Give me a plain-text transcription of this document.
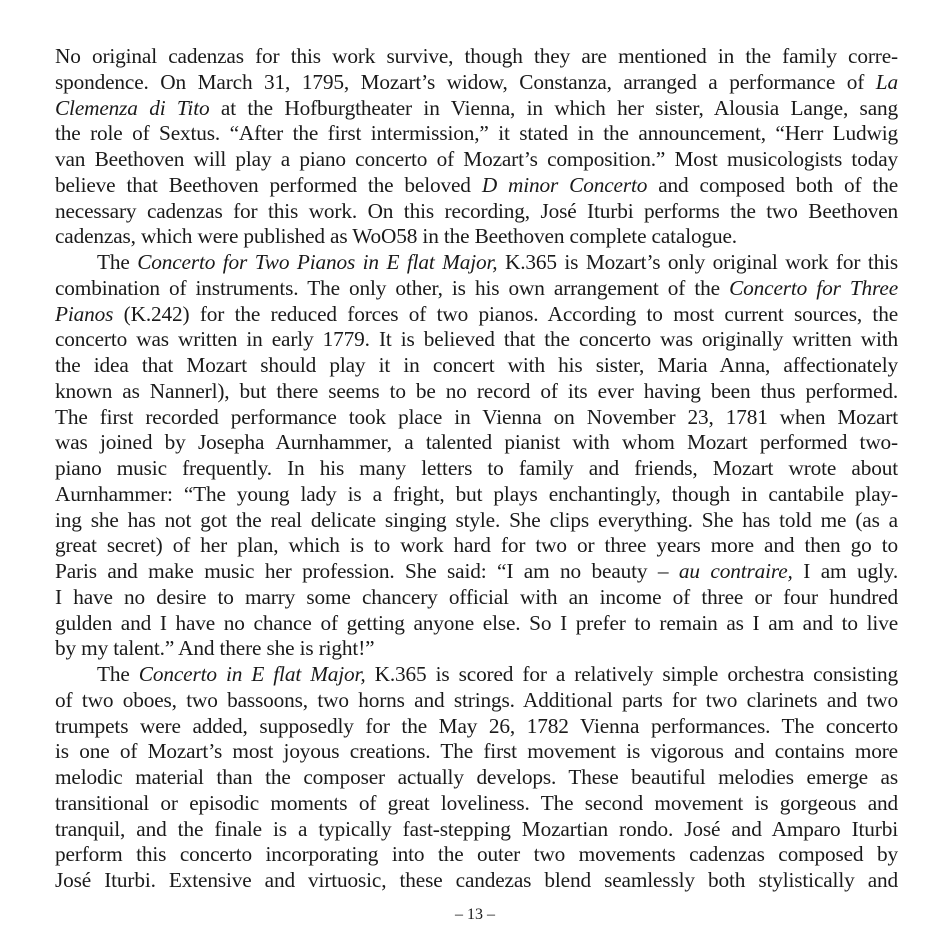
No original cadenzas for this work survive, though they are mentioned in the family corre-
spondence. On March 31, 1795, Mozart’s widow, Constanza, arranged a performance of La
Clemenza di Tito at the Hofburgtheater in Vienna, in which her sister, Alousia Lange, sang
the role of Sextus. “After the first intermission,” it stated in the announcement, “Herr Ludwig
van Beethoven will play a piano concerto of Mozart’s composition.” Most musicologists today
believe that Beethoven performed the beloved D minor Concerto and composed both of the
necessary cadenzas for this work. On this recording, José Iturbi performs the two Beethoven
cadenzas, which were published as WoO58 in the Beethoven complete catalogue.
The Concerto for Two Pianos in E flat Major, K.365 is Mozart’s only original work for this
combination of instruments. The only other, is his own arrangement of the Concerto for Three
Pianos (K.242) for the reduced forces of two pianos. According to most current sources, the
concerto was written in early 1779. It is believed that the concerto was originally written with
the idea that Mozart should play it in concert with his sister, Maria Anna, affectionately
known as Nannerl), but there seems to be no record of its ever having been thus performed.
The first recorded performance took place in Vienna on November 23, 1781 when Mozart
was joined by Josepha Aurnhammer, a talented pianist with whom Mozart performed two-
piano music frequently. In his many letters to family and friends, Mozart wrote about
Aurnhammer: “The young lady is a fright, but plays enchantingly, though in cantabile play-
ing she has not got the real delicate singing style. She clips everything. She has told me (as a
great secret) of her plan, which is to work hard for two or three years more and then go to
Paris and make music her profession. She said: “I am no beauty – au contraire, I am ugly.
I have no desire to marry some chancery official with an income of three or four hundred
gulden and I have no chance of getting anyone else. So I prefer to remain as I am and to live
by my talent.” And there she is right!”
The Concerto in E flat Major, K.365 is scored for a relatively simple orchestra consisting
of two oboes, two bassoons, two horns and strings. Additional parts for two clarinets and two
trumpets were added, supposedly for the May 26, 1782 Vienna performances. The concerto
is one of Mozart’s most joyous creations. The first movement is vigorous and contains more
melodic material than the composer actually develops. These beautiful melodies emerge as
transitional or episodic moments of great loveliness. The second movement is gorgeous and
tranquil, and the finale is a typically fast-stepping Mozartian rondo. José and Amparo Iturbi
perform this concerto incorporating into the outer two movements cadenzas composed by
José Iturbi. Extensive and virtuosic, these candezas blend seamlessly both stylistically and
– 13 –
